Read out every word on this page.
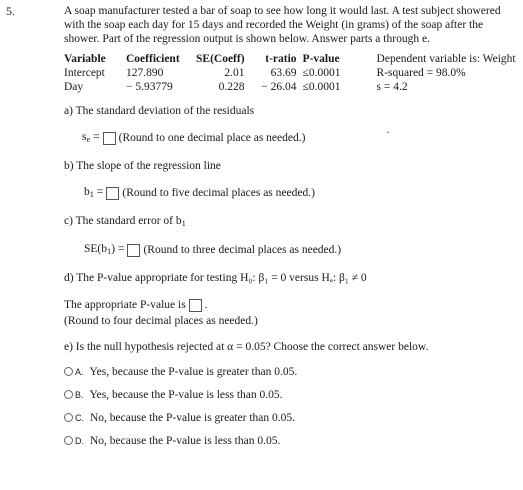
5.
·

A soap manufacturer tested a bar of soap to see how long it would last. A test subject showered with the soap each day for 15 days and recorded the Weight (in grams) of the soap after the shower. Part of the regression output is shown below. Answer parts a through e.

Variable	Coefficient	SE(Coeff)	t-ratio	P-value	Dependent variable is: Weight
Intercept	127.890	2.01	63.69	≤0.0001	R-squared = 98.0%
Day	− 5.93779	0.228	− 26.04	≤0.0001	s = 4.2
a) The standard deviation of the residuals
$s_e$ = (Round to one decimal place as needed.)
b) The slope of the regression line
$b_1$ = (Round to five decimal places as needed.)
c) The standard error of $b_1$
$SE(b_1)$ = (Round to three decimal places as needed.)
d) The P-value appropriate for testing H₀: β₁ = 0 versus Hₐ: β₁ ≠ 0
The appropriate P-value is .
(Round to four decimal places as needed.)
e) Is the null hypothesis rejected at α = 0.05? Choose the correct answer below.
A. Yes, because the P-value is greater than 0.05.
B. Yes, because the P-value is less than 0.05.
C. No, because the P-value is greater than 0.05.
D. No, because the P-value is less than 0.05.
